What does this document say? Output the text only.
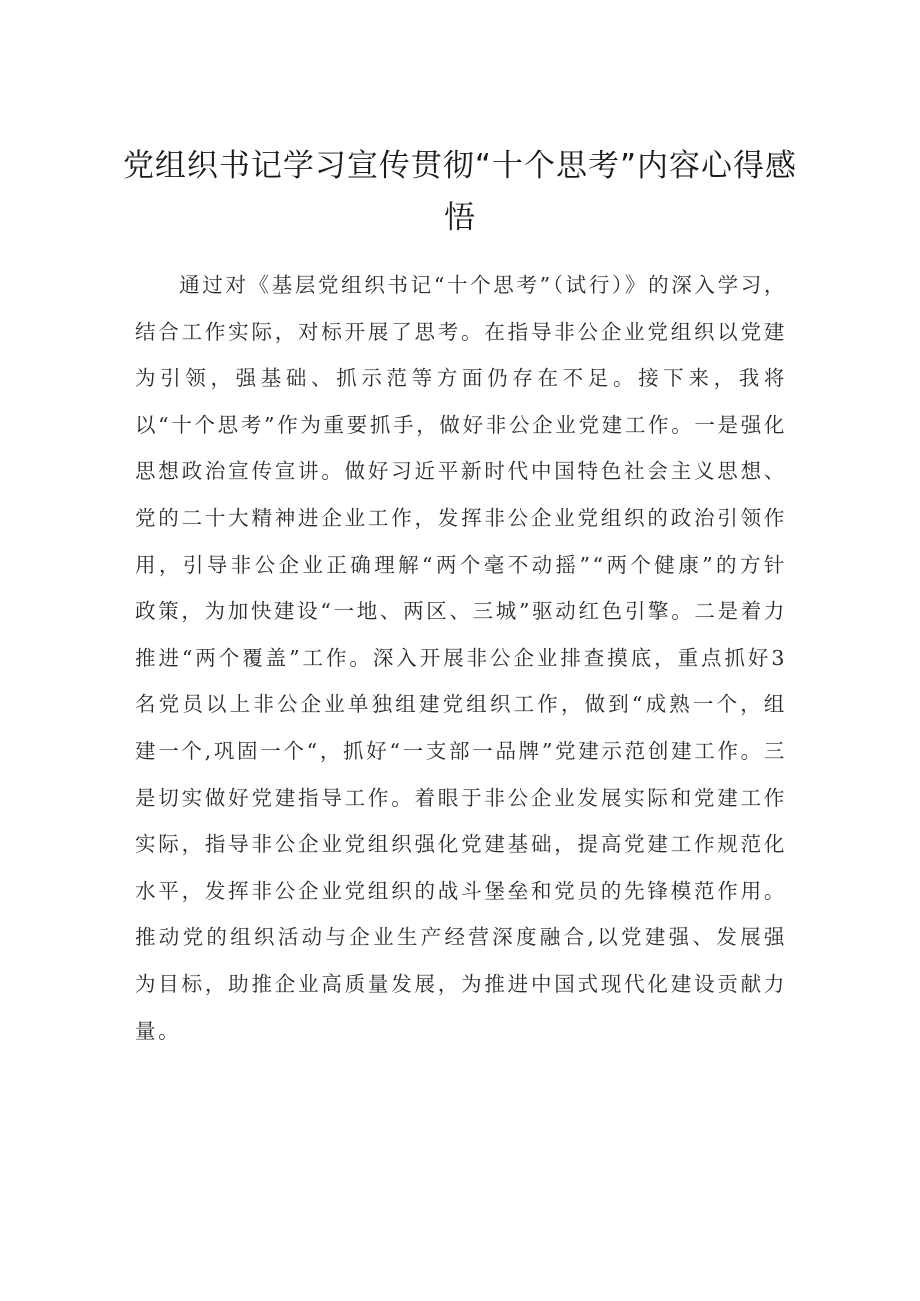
党组织书记学习宣传贯彻“十个思考”内容心得感悟

通过对《基层党组织书记“十个思考”（试行）》的深入学习，结合工作实际，对标开展了思考。在指导非公企业党组织以党建为引领，强基础、抓示范等方面仍存在不足。接下来，我将以“十个思考”作为重要抓手，做好非公企业党建工作。一是强化思想政治宣传宣讲。做好习近平新时代中国特色社会主义思想、党的二十大精神进企业工作，发挥非公企业党组织的政治引领作用，引导非公企业正确理解“两个毫不动摇”“两个健康”的方针政策，为加快建设“一地、两区、三城”驱动红色引擎。二是着力推进“两个覆盖”工作。深入开展非公企业排查摸底，重点抓好3名党员以上非公企业单独组建党组织工作，做到“成熟一个，组建一个,巩固一个“，抓好“一支部一品牌”党建示范创建工作。三是切实做好党建指导工作。着眼于非公企业发展实际和党建工作实际，指导非公企业党组织强化党建基础，提高党建工作规范化水平，发挥非公企业党组织的战斗堡垒和党员的先锋模范作用。推动党的组织活动与企业生产经营深度融合,以党建强、发展强为目标，助推企业高质量发展，为推进中国式现代化建设贡献力量。
